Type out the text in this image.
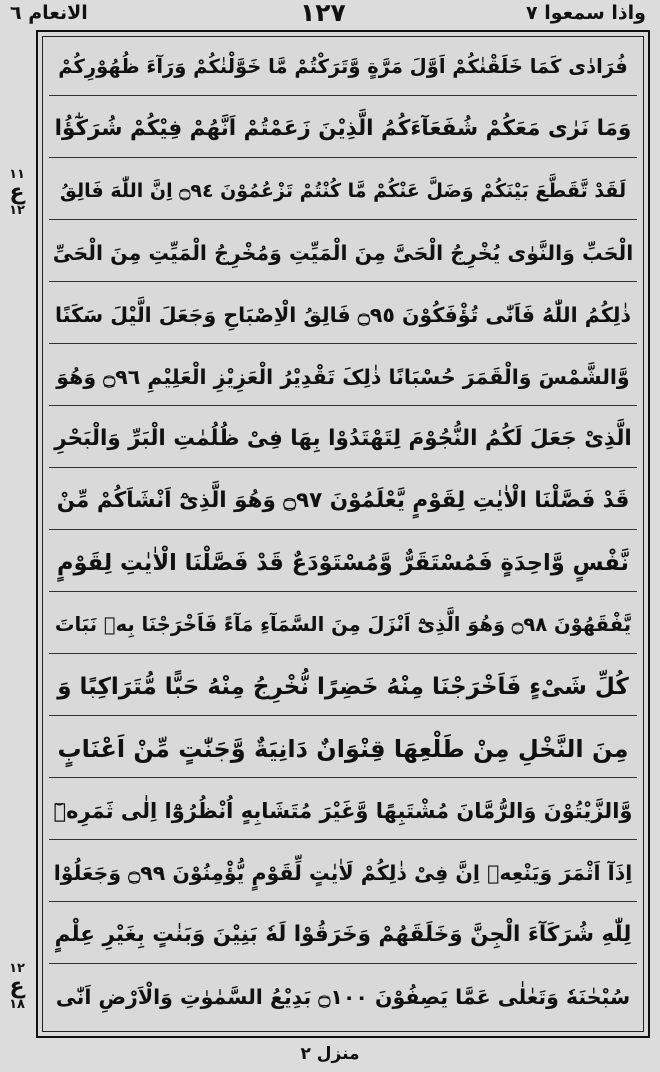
الانعام ٦	١٢٧	واذا سمعوا ٧
١١
ع
١٢
١٢
ع
١٨
فُرَادٰی کَمَا خَلَقْنٰکُمْ اَوَّلَ مَرَّةٍ وَّتَرَکْتُمْ مَّا خَوَّلْنٰکُمْ وَرَآءَ ظُهُوْرِکُمْ
وَمَا نَرٰی مَعَکُمْ شُفَعَآءَکُمُ الَّذِیْنَ زَعَمْتُمْ اَنَّهُمْ فِیْکُمْ شُرَکٰٓؤُا
لَقَدْ تَّقَطَّعَ بَیْنَکُمْ وَضَلَّ عَنْکُمْ مَّا کُنْتُمْ تَزْعُمُوْنَ ۝٩٤ اِنَّ اللّٰهَ فَالِقُ
الْحَبِّ وَالنَّوٰی یُخْرِجُ الْحَیَّ مِنَ الْمَیِّتِ وَمُخْرِجُ الْمَیِّتِ مِنَ الْحَیِّ
ذٰلِکُمُ اللّٰهُ فَاَنّٰی تُؤْفَکُوْنَ ۝٩٥ فَالِقُ الْاِصْبَاحِ وَجَعَلَ الَّیْلَ سَکَنًا
وَّالشَّمْسَ وَالْقَمَرَ حُسْبَانًا ذٰلِکَ تَقْدِیْرُ الْعَزِیْزِ الْعَلِیْمِ ۝٩٦ وَهُوَ
الَّذِیْ جَعَلَ لَکُمُ النُّجُوْمَ لِتَهْتَدُوْا بِهَا فِیْ ظُلُمٰتِ الْبَرِّ وَالْبَحْرِ
قَدْ فَصَّلْنَا الْاٰیٰتِ لِقَوْمٍ یَّعْلَمُوْنَ ۝٩٧ وَهُوَ الَّذِیْٓ اَنْشَاَکُمْ مِّنْ
نَّفْسٍ وَّاحِدَةٍ فَمُسْتَقَرٌّ وَّمُسْتَوْدَعٌ قَدْ فَصَّلْنَا الْاٰیٰتِ لِقَوْمٍ
یَّفْقَهُوْنَ ۝٩٨ وَهُوَ الَّذِیْٓ اَنْزَلَ مِنَ السَّمَآءِ مَآءً فَاَخْرَجْنَا بِهٖ نَبَاتَ
کُلِّ شَیْءٍ فَاَخْرَجْنَا مِنْهُ خَضِرًا نُّخْرِجُ مِنْهُ حَبًّا مُّتَرَاکِبًا وَ
مِنَ النَّخْلِ مِنْ طَلْعِهَا قِنْوَانٌ دَانِیَةٌ وَّجَنّٰتٍ مِّنْ اَعْنَابٍ
وَّالزَّیْتُوْنَ وَالرُّمَّانَ مُشْتَبِهًا وَّغَیْرَ مُتَشَابِهٍ اُنْظُرُوْٓا اِلٰی ثَمَرِهٖٓ
اِذَآ اَثْمَرَ وَیَنْعِهٖ اِنَّ فِیْ ذٰلِکُمْ لَاٰیٰتٍ لِّقَوْمٍ یُّؤْمِنُوْنَ ۝٩٩ وَجَعَلُوْا
لِلّٰهِ شُرَکَآءَ الْجِنَّ وَخَلَقَهُمْ وَخَرَقُوْا لَهٗ بَنِیْنَ وَبَنٰتٍ بِغَیْرِ عِلْمٍ
سُبْحٰنَهٗ وَتَعٰلٰی عَمَّا یَصِفُوْنَ ۝١٠٠ بَدِیْعُ السَّمٰوٰتِ وَالْاَرْضِ اَنّٰی
منزل ٢
